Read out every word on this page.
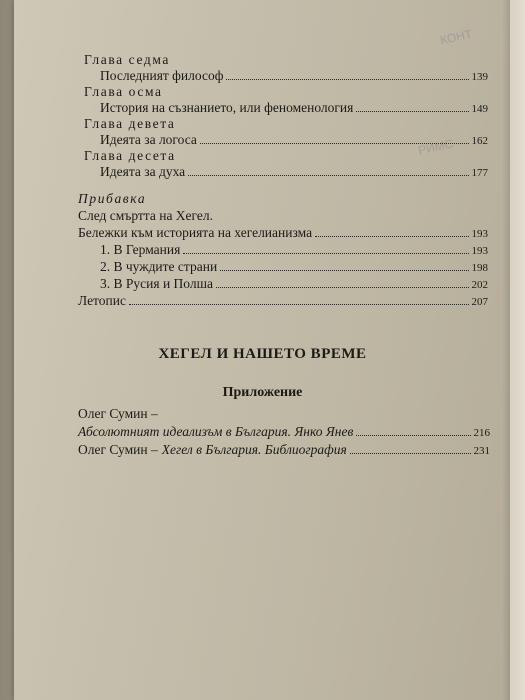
КОНТ
РИМС
Глава седма
Последният философ	139
Глава осма
История на съзнанието, или феноменология	149
Глава девета
Идеята за логоса	162
Глава десета
Идеята за духа	177
Прибавка
След смъртта на Хегел.
Бележки към историята на хегелианизма	193
1. В Германия	193
2. В чуждите страни	198
3. В Русия и Полша	202
Летопис	207
ХЕГЕЛ И НАШЕТО ВРЕМЕ
Приложение
Олег Сумин –
Абсолютният идеализъм в България. Янко Янев	216
Олег Сумин – Хегел в България. Библиография	231
